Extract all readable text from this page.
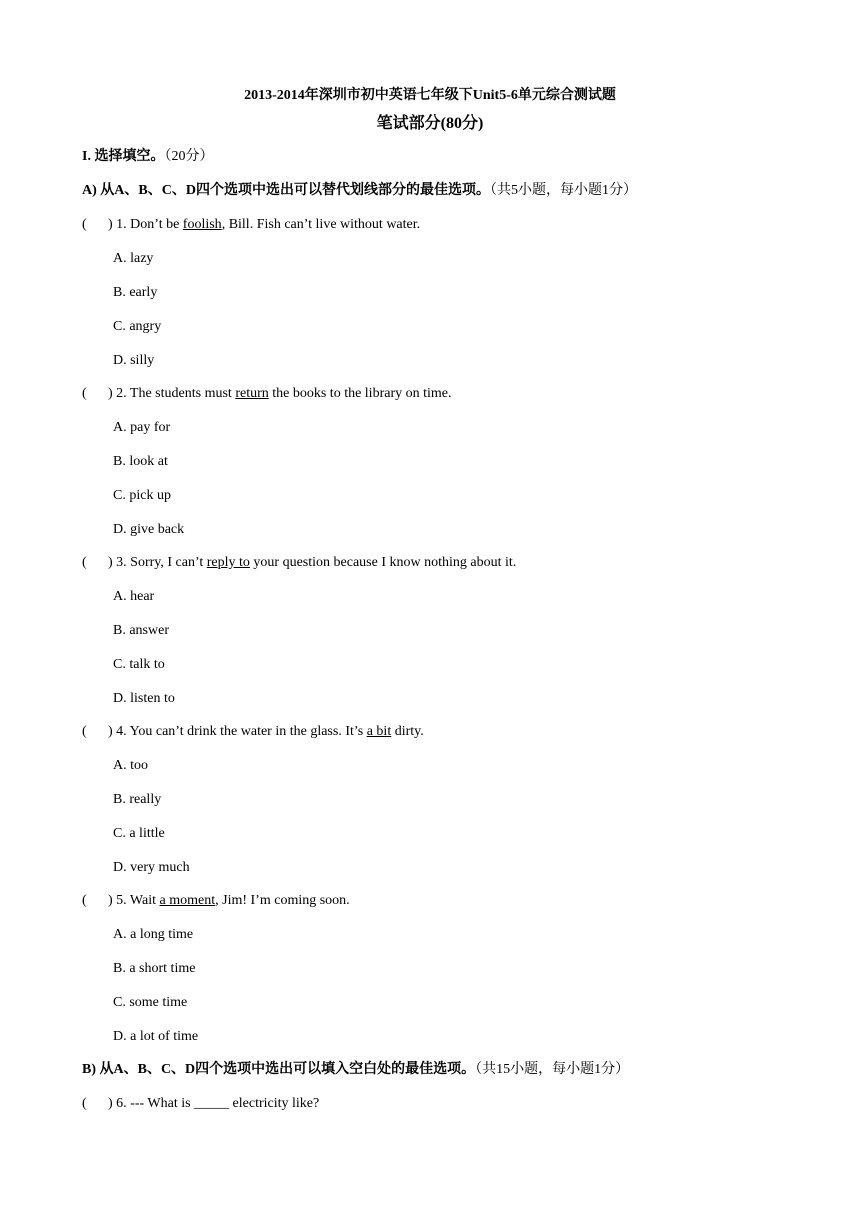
2013-2014年深圳市初中英语七年级下Unit5-6单元综合测试题
笔试部分(80分)
I. 选择填空。（20分）
A) 从A、B、C、D四个选项中选出可以替代划线部分的最佳选项。（共5小题，每小题1分）
( ) 1. Don’t be foolish, Bill. Fish can’t live without water.
A. lazy
B. early
C. angry
D. silly
( ) 2. The students must return the books to the library on time.
A. pay for
B. look at
C. pick up
D. give back
( ) 3. Sorry, I can’t reply to your question because I know nothing about it.
A. hear
B. answer
C. talk to
D. listen to
( ) 4. You can’t drink the water in the glass. It’s a bit dirty.
A. too
B. really
C. a little
D. very much
( ) 5. Wait a moment, Jim! I’m coming soon.
A. a long time
B. a short time
C. some time
D. a lot of time
B) 从A、B、C、D四个选项中选出可以填入空白处的最佳选项。（共15小题，每小题1分）
( ) 6. --- What is _____ electricity like?
